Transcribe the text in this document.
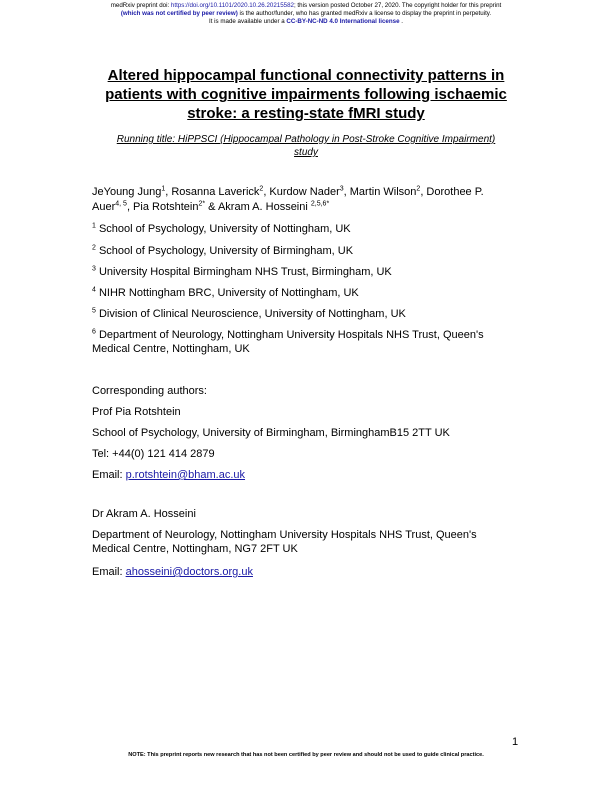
medRxiv preprint doi: https://doi.org/10.1101/2020.10.26.20215582; this version posted October 27, 2020. The copyright holder for this preprint
(which was not certified by peer review) is the author/funder, who has granted medRxiv a license to display the preprint in perpetuity.
It is made available under a CC-BY-NC-ND 4.0 International license .
Altered hippocampal functional connectivity patterns in
patients with cognitive impairments following ischaemic
stroke: a resting-state fMRI study
Running title: HiPPSCI (Hippocampal Pathology in Post-Stroke Cognitive Impairment)
study
JeYoung Jung$^1$, Rosanna Laverick$^2$, Kurdow Nader$^3$, Martin Wilson$^2$, Dorothee P.
Auer$^{4, 5}$, Pia Rotshtein$^{2*}$ & Akram A. Hosseini $^{2,5,6*}$
$^1$ School of Psychology, University of Nottingham, UK
$^2$ School of Psychology, University of Birmingham, UK
$^3$ University Hospital Birmingham NHS Trust, Birmingham, UK
$^4$ NIHR Nottingham BRC, University of Nottingham, UK
$^5$ Division of Clinical Neuroscience, University of Nottingham, UK
$^6$ Department of Neurology, Nottingham University Hospitals NHS Trust, Queen's
Medical Centre, Nottingham, UK
Corresponding authors:
Prof Pia Rotshtein
School of Psychology, University of Birmingham, BirminghamB15 2TT UK
Tel: +44(0) 121 414 2879
Email: p.rotshtein@bham.ac.uk
Dr Akram A. Hosseini
Department of Neurology, Nottingham University Hospitals NHS Trust, Queen's
Medical Centre, Nottingham, NG7 2FT UK
Email: ahosseini@doctors.org.uk
1
NOTE: This preprint reports new research that has not been certified by peer review and should not be used to guide clinical practice.
